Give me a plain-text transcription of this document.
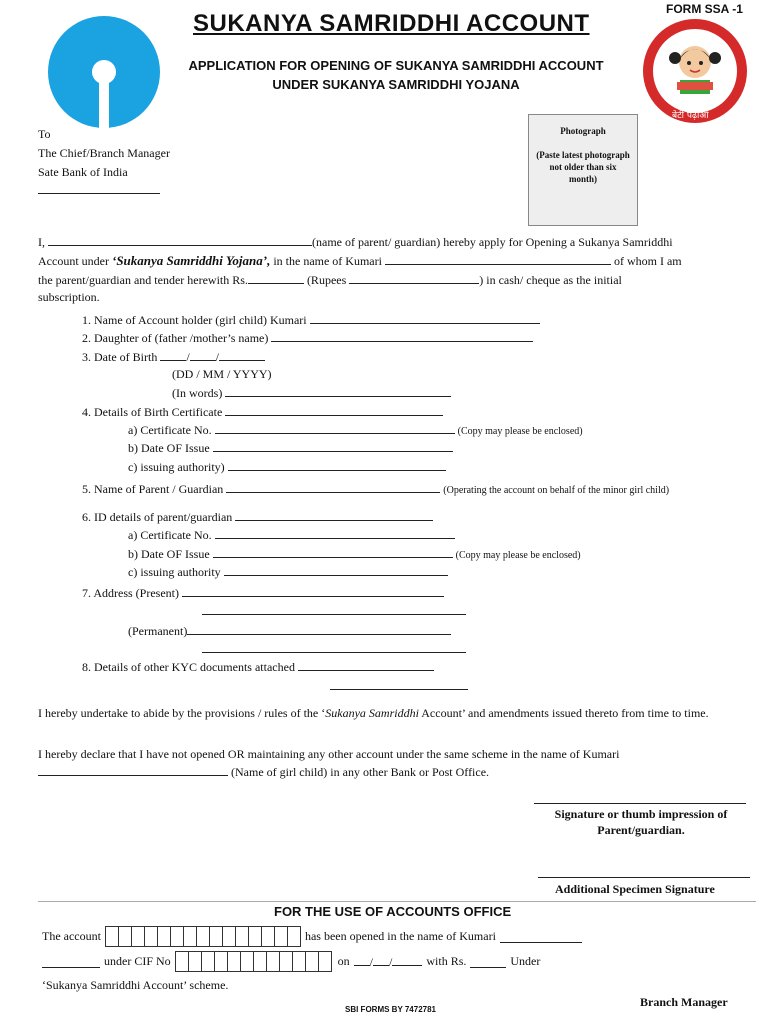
FORM SSA -1
बेटी पढ़ाओ
SUKANYA SAMRIDDHI ACCOUNT
APPLICATION FOR OPENING OF SUKANYA SAMRIDDHI ACCOUNT
UNDER SUKANYA SAMRIDDHI YOJANA
To
The Chief/Branch Manager
Sate Bank of India
Photograph
(Paste latest photograph not older than six month)
I,	(name of parent/ guardian) hereby apply for Opening a Sukanya Samriddhi
Account under ‘Sukanya Samriddhi Yojana’, in the name of Kumari	of whom I am
the parent/guardian and tender herewith Rs.	(Rupees	) in cash/ cheque as the initial
subscription.
1. Name of Account holder (girl child) Kumari
2. Daughter of (father /mother’s name)
3. Date of Birth / /
(DD / MM / YYYY)
(In words)
4. Details of Birth Certificate
a) Certificate No.	(Copy may please be enclosed)
b) Date OF Issue
c) issuing authority)
5. Name of Parent / Guardian	(Operating the account on behalf of the minor girl child)
6. ID details of parent/guardian
a) Certificate No.
b) Date OF Issue	(Copy may please be enclosed)
c) issuing authority
7. Address (Present)
(Permanent)
8. Details of other KYC documents attached
I hereby undertake to abide by the provisions / rules of the ‘Sukanya Samriddhi Account’ and amendments issued thereto from time to time.
I hereby declare that I have not opened OR maintaining any other account under the same scheme in the name of Kumari
(Name of girl child) in any other Bank or Post Office.
Signature or thumb impression of
Parent/guardian.
Additional Specimen Signature
FOR THE USE OF ACCOUNTS OFFICE
The account	has been opened in the name of Kumari
under CIF No	on	/ /	with Rs.	Under
‘Sukanya Samriddhi Account’ scheme.
Branch Manager
SBI FORMS BY 7472781
